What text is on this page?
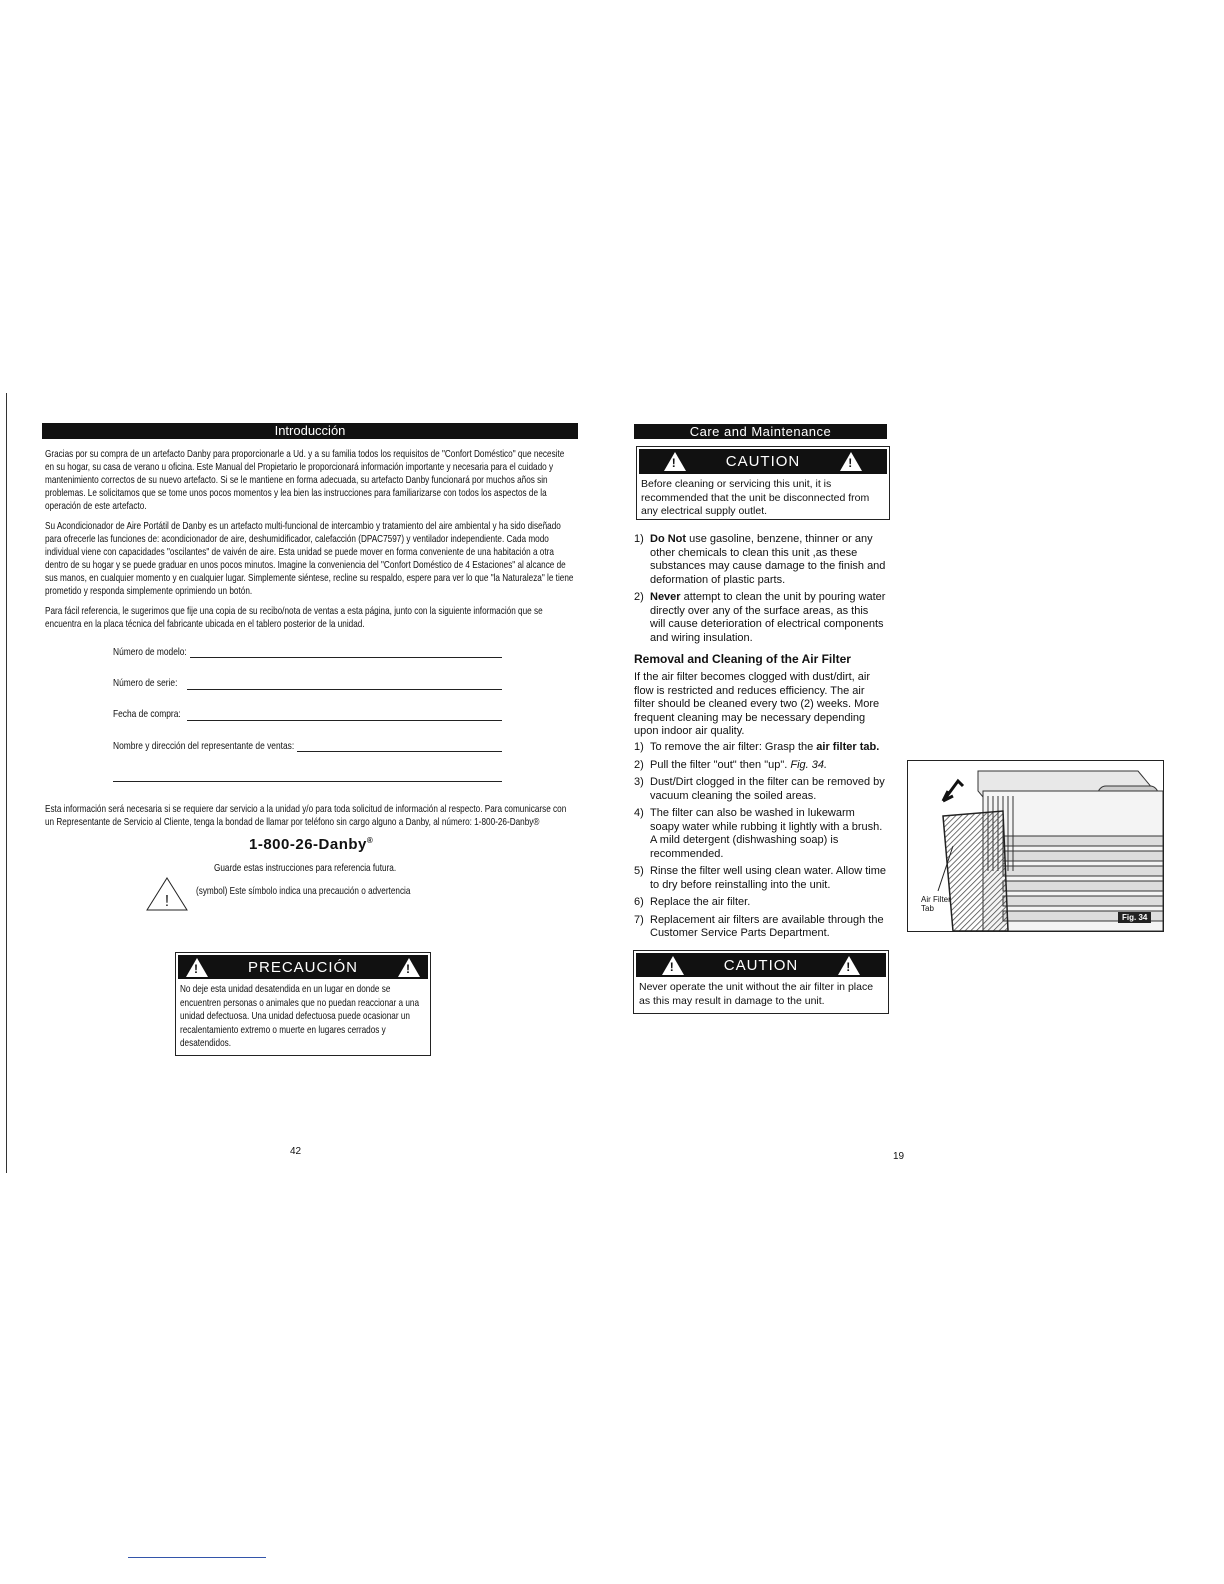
Introducción

Gracias por su compra de un artefacto Danby para proporcionarle a Ud. y a su familia todos los requisitos de "Confort Doméstico" que necesite en su hogar, su casa de verano u oficina. Este Manual del Propietario le proporcionará información importante y necesaria para el cuidado y mantenimiento correctos de su nuevo artefacto. Si se le mantiene en forma adecuada, su artefacto Danby funcionará por muchos años sin problemas. Le solicitamos que se tome unos pocos momentos y lea bien las instrucciones para familiarizarse con todos los aspectos de la operación de este artefacto.

Su Acondicionador de Aire Portátil de Danby es un artefacto multi-funcional de intercambio y tratamiento del aire ambiental y ha sido diseñado para ofrecerle las funciones de: acondicionador de aire, deshumidificador, calefacción (DPAC7597) y ventilador independiente. Cada modo individual viene con capacidades "oscilantes" de vaivén de aire. Esta unidad se puede mover en forma conveniente de una habitación a otra dentro de su hogar y se puede graduar en unos pocos minutos. Imagine la conveniencia del "Confort Doméstico de 4 Estaciones" al alcance de sus manos, en cualquier momento y en cualquier lugar. Simplemente siéntese, recline su respaldo, espere para ver lo que "la Naturaleza" le tiene prometido y responda simplemente oprimiendo un botón.

Para fácil referencia, le sugerimos que fije una copia de su recibo/nota de ventas a esta página, junto con la siguiente información que se encuentra en la placa técnica del fabricante ubicada en el tablero posterior de la unidad.

Número de modelo:
Número de serie:
Fecha de compra:
Nombre y dirección del representante de ventas:
Esta información será necesaria si se requiere dar servicio a la unidad y/o para toda solicitud de información al respecto. Para comunicarse con un Representante de Servicio al Cliente, tenga la bondad de llamar por teléfono sin cargo alguno a Danby, al número: 1-800-26-Danby®
1-800-26-Danby®
Guarde estas instrucciones para referencia futura.
!
(symbol) Este símbolo indica una precaución o advertencia
!
PRECAUCIÓN
!
No deje esta unidad desatendida en un lugar en donde se encuentren personas o animales que no puedan reaccionar a una unidad defectuosa. Una unidad defectuosa puede ocasionar un recalentamiento extremo o muerte en lugares cerrados y desatendidos.
42
Care and Maintenance
!
CAUTION
!
Before cleaning or servicing this unit, it is recommended that the unit be disconnected from any electrical supply outlet.
1) Do Not use gasoline, benzene, thinner or any other chemicals to clean this unit ,as these substances may cause damage to the finish and deformation of plastic parts.
2) Never attempt to clean the unit by pouring water directly over any of the surface areas, as this will cause deterioration of electrical components and wiring insulation.
Removal and Cleaning of the Air Filter
If the air filter becomes clogged with dust/dirt, air flow is restricted and reduces efficiency. The air filter should be cleaned every two (2) weeks. More frequent cleaning may be necessary depending upon indoor air quality.
1) To remove the air filter: Grasp the air filter tab.
2) Pull the filter "out" then "up". Fig. 34.
3) Dust/Dirt clogged in the filter can be removed by vacuum cleaning the soiled areas.
4) The filter can also be washed in lukewarm soapy water while rubbing it lightly with a brush. A mild detergent (dishwashing soap) is recommended.
5) Rinse the filter well using clean water. Allow time to dry before reinstalling into the unit.
6) Replace the air filter.
7) Replacement air filters are available through the Customer Service Parts Department.
Air Filter Tab
Fig. 34
!
CAUTION
!
Never operate the unit without the air filter in place as this may result in damage to the unit.
19
